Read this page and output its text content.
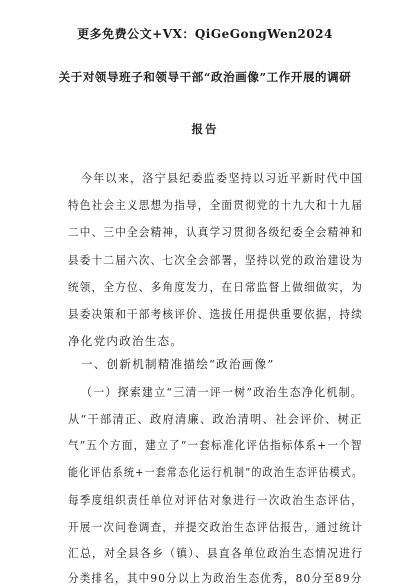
更多免费公文+VX：QiGeGongWen2024
关于对领导班子和领导干部“政治画像”工作开展的调研
报告
今年以来，洛宁县纪委监委坚持以习近平新时代中国
特色社会主义思想为指导，全面贯彻党的十九大和十九届
二中、三中全会精神，认真学习贯彻各级纪委全会精神和
县委十二届六次、七次全会部署，坚持以党的政治建设为
统领，全方位、多角度发力，在日常监督上做细做实，为
县委决策和干部考核评价、选拔任用提供重要依据，持续
净化党内政治生态。
一、创新机制精准描绘“政治画像”
（一）探索建立“三清一评一树”政治生态净化机制。
从“干部清正、政府清廉、政治清明、社会评价、树正
气”五个方面，建立了“一套标准化评估指标体系+一个智
能化评估系统+一套常态化运行机制”的政治生态评估模式。
每季度组织责任单位对评估对象进行一次政治生态评估，
开展一次问卷调查，并提交政治生态评估报告，通过统计
汇总，对全县各乡（镇）、县直各单位政治生态情况进行
分类排名，其中90分以上为政治生态优秀，80分至89分
